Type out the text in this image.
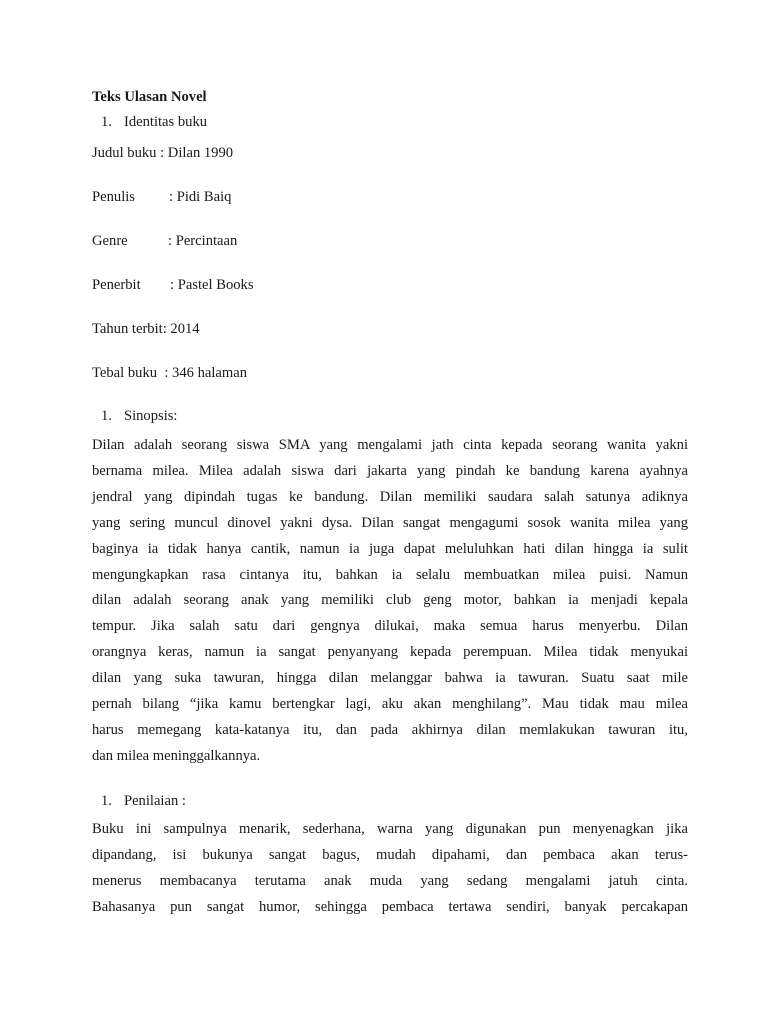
Teks Ulasan Novel
1. Identitas buku
Judul buku : Dilan 1990
Penulis : Pidi Baiq
Genre	: Percintaan
Penerbit : Pastel Books
Tahun terbit: 2014
Tebal buku  : 346 halaman
1. Sinopsis:
Dilan adalah seorang siswa SMA yang mengalami jath cinta kepada seorang wanita yakni
bernama milea. Milea adalah siswa dari jakarta yang pindah ke bandung karena ayahnya
jendral yang dipindah tugas ke bandung. Dilan memiliki saudara salah satunya adiknya
yang sering muncul dinovel yakni dysa. Dilan sangat mengagumi sosok wanita milea yang
baginya ia tidak hanya cantik, namun ia juga dapat meluluhkan hati dilan hingga ia sulit
mengungkapkan rasa cintanya itu, bahkan ia selalu membuatkan milea puisi. Namun
dilan adalah seorang anak yang memiliki club geng motor, bahkan ia menjadi kepala
tempur. Jika salah satu dari gengnya dilukai, maka semua harus menyerbu. Dilan
orangnya keras, namun ia sangat penyanyang kepada perempuan. Milea tidak menyukai
dilan yang suka tawuran, hingga dilan melanggar bahwa ia tawuran. Suatu saat mile
pernah bilang “jika kamu bertengkar lagi, aku akan menghilang”. Mau tidak mau milea
harus memegang kata-katanya itu, dan pada akhirnya dilan memlakukan tawuran itu,
dan milea meninggalkannya.
1. Penilaian :
Buku ini sampulnya menarik, sederhana, warna yang digunakan pun menyenagkan jika
dipandang, isi bukunya sangat bagus, mudah dipahami, dan pembaca akan terus-
menerus membacanya terutama anak muda yang sedang mengalami jatuh cinta.
Bahasanya pun sangat humor, sehingga pembaca tertawa sendiri, banyak percakapan
